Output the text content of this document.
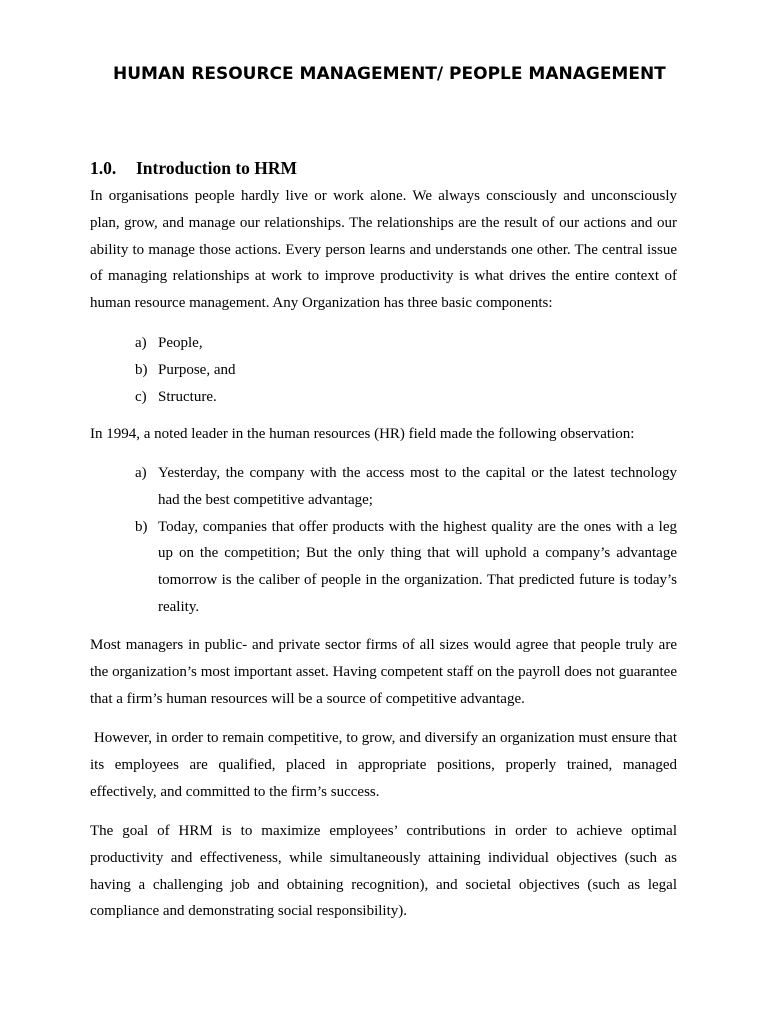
HUMAN RESOURCE MANAGEMENT/ PEOPLE MANAGEMENT
1.0. Introduction to HRM

In organisations people hardly live or work alone. We always consciously and unconsciously plan, grow, and manage our relationships. The relationships are the result of our actions and our ability to manage those actions. Every person learns and understands one other. The central issue of managing relationships at work to improve productivity is what drives the entire context of human resource management. Any Organization has three basic components:

a) People,
b) Purpose, and
c) Structure.

In 1994, a noted leader in the human resources (HR) field made the following observation:

a) Yesterday, the company with the access most to the capital or the latest technology had the best competitive advantage;
b) Today, companies that offer products with the highest quality are the ones with a leg up on the competition; But the only thing that will uphold a company’s advantage tomorrow is the caliber of people in the organization. That predicted future is today’s reality.

Most managers in public- and private sector firms of all sizes would agree that people truly are the organization’s most important asset. Having competent staff on the payroll does not guarantee that a firm’s human resources will be a source of competitive advantage.

However, in order to remain competitive, to grow, and diversify an organization must ensure that its employees are qualified, placed in appropriate positions, properly trained, managed effectively, and committed to the firm’s success.

The goal of HRM is to maximize employees’ contributions in order to achieve optimal productivity and effectiveness, while simultaneously attaining individual objectives (such as having a challenging job and obtaining recognition), and societal objectives (such as legal compliance and demonstrating social responsibility).
